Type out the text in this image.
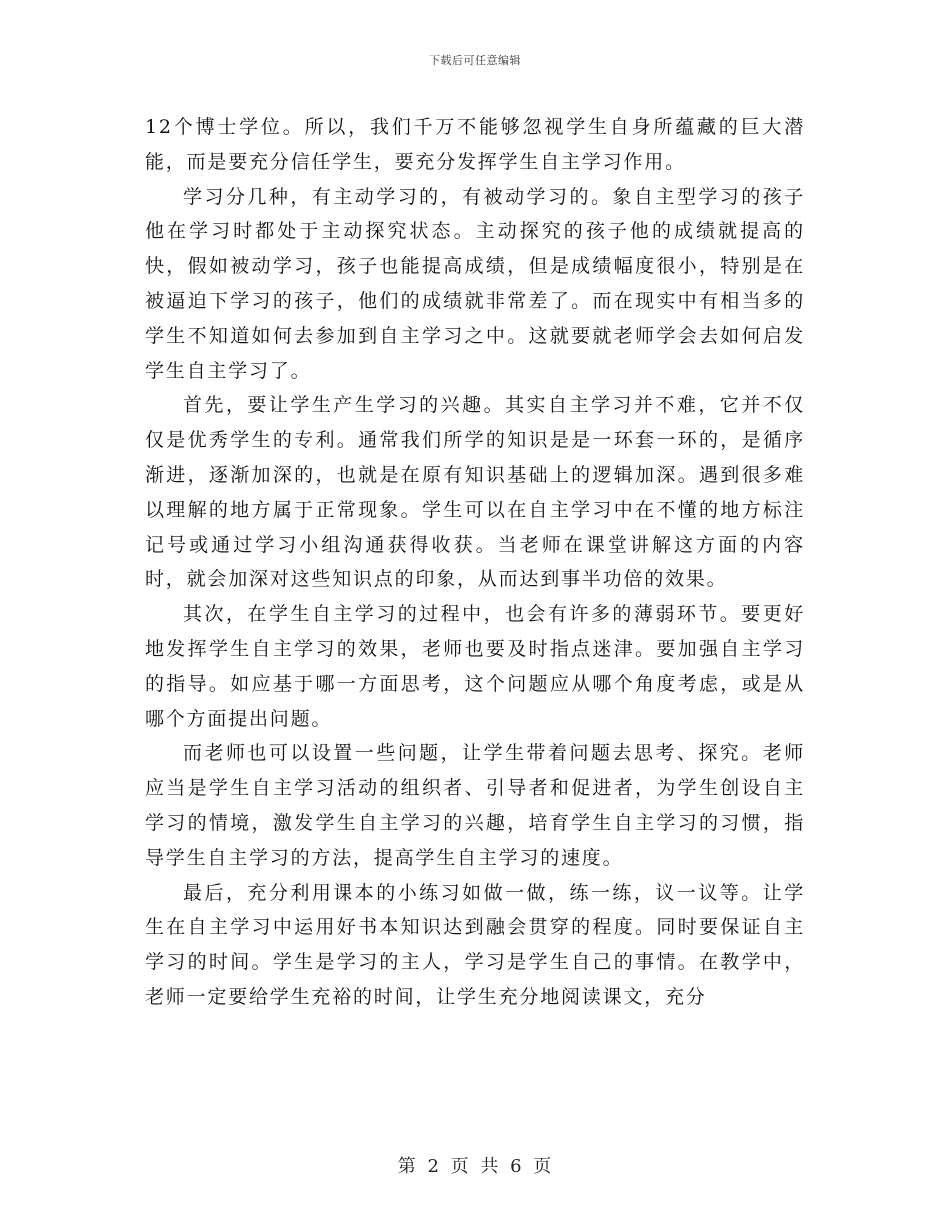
下载后可任意编辑

12个博士学位。所以，我们千万不能够忽视学生自身所蕴藏的巨大潜能，而是要充分信任学生，要充分发挥学生自主学习作用。

学习分几种，有主动学习的，有被动学习的。象自主型学习的孩子他在学习时都处于主动探究状态。主动探究的孩子他的成绩就提高的快，假如被动学习，孩子也能提高成绩，但是成绩幅度很小，特别是在被逼迫下学习的孩子，他们的成绩就非常差了。而在现实中有相当多的学生不知道如何去参加到自主学习之中。这就要就老师学会去如何启发学生自主学习了。

首先，要让学生产生学习的兴趣。其实自主学习并不难，它并不仅仅是优秀学生的专利。通常我们所学的知识是是一环套一环的，是循序渐进，逐渐加深的，也就是在原有知识基础上的逻辑加深。遇到很多难以理解的地方属于正常现象。学生可以在自主学习中在不懂的地方标注记号或通过学习小组沟通获得收获。当老师在课堂讲解这方面的内容时，就会加深对这些知识点的印象，从而达到事半功倍的效果。

其次，在学生自主学习的过程中，也会有许多的薄弱环节。要更好地发挥学生自主学习的效果，老师也要及时指点迷津。要加强自主学习的指导。如应基于哪一方面思考，这个问题应从哪个角度考虑，或是从哪个方面提出问题。

而老师也可以设置一些问题，让学生带着问题去思考、探究。老师应当是学生自主学习活动的组织者、引导者和促进者，为学生创设自主学习的情境，激发学生自主学习的兴趣，培育学生自主学习的习惯，指导学生自主学习的方法，提高学生自主学习的速度。

最后，充分利用课本的小练习如做一做，练一练，议一议等。让学生在自主学习中运用好书本知识达到融会贯穿的程度。同时要保证自主学习的时间。学生是学习的主人，学习是学生自己的事情。在教学中，老师一定要给学生充裕的时间，让学生充分地阅读课文，充分

第 2 页 共 6 页
